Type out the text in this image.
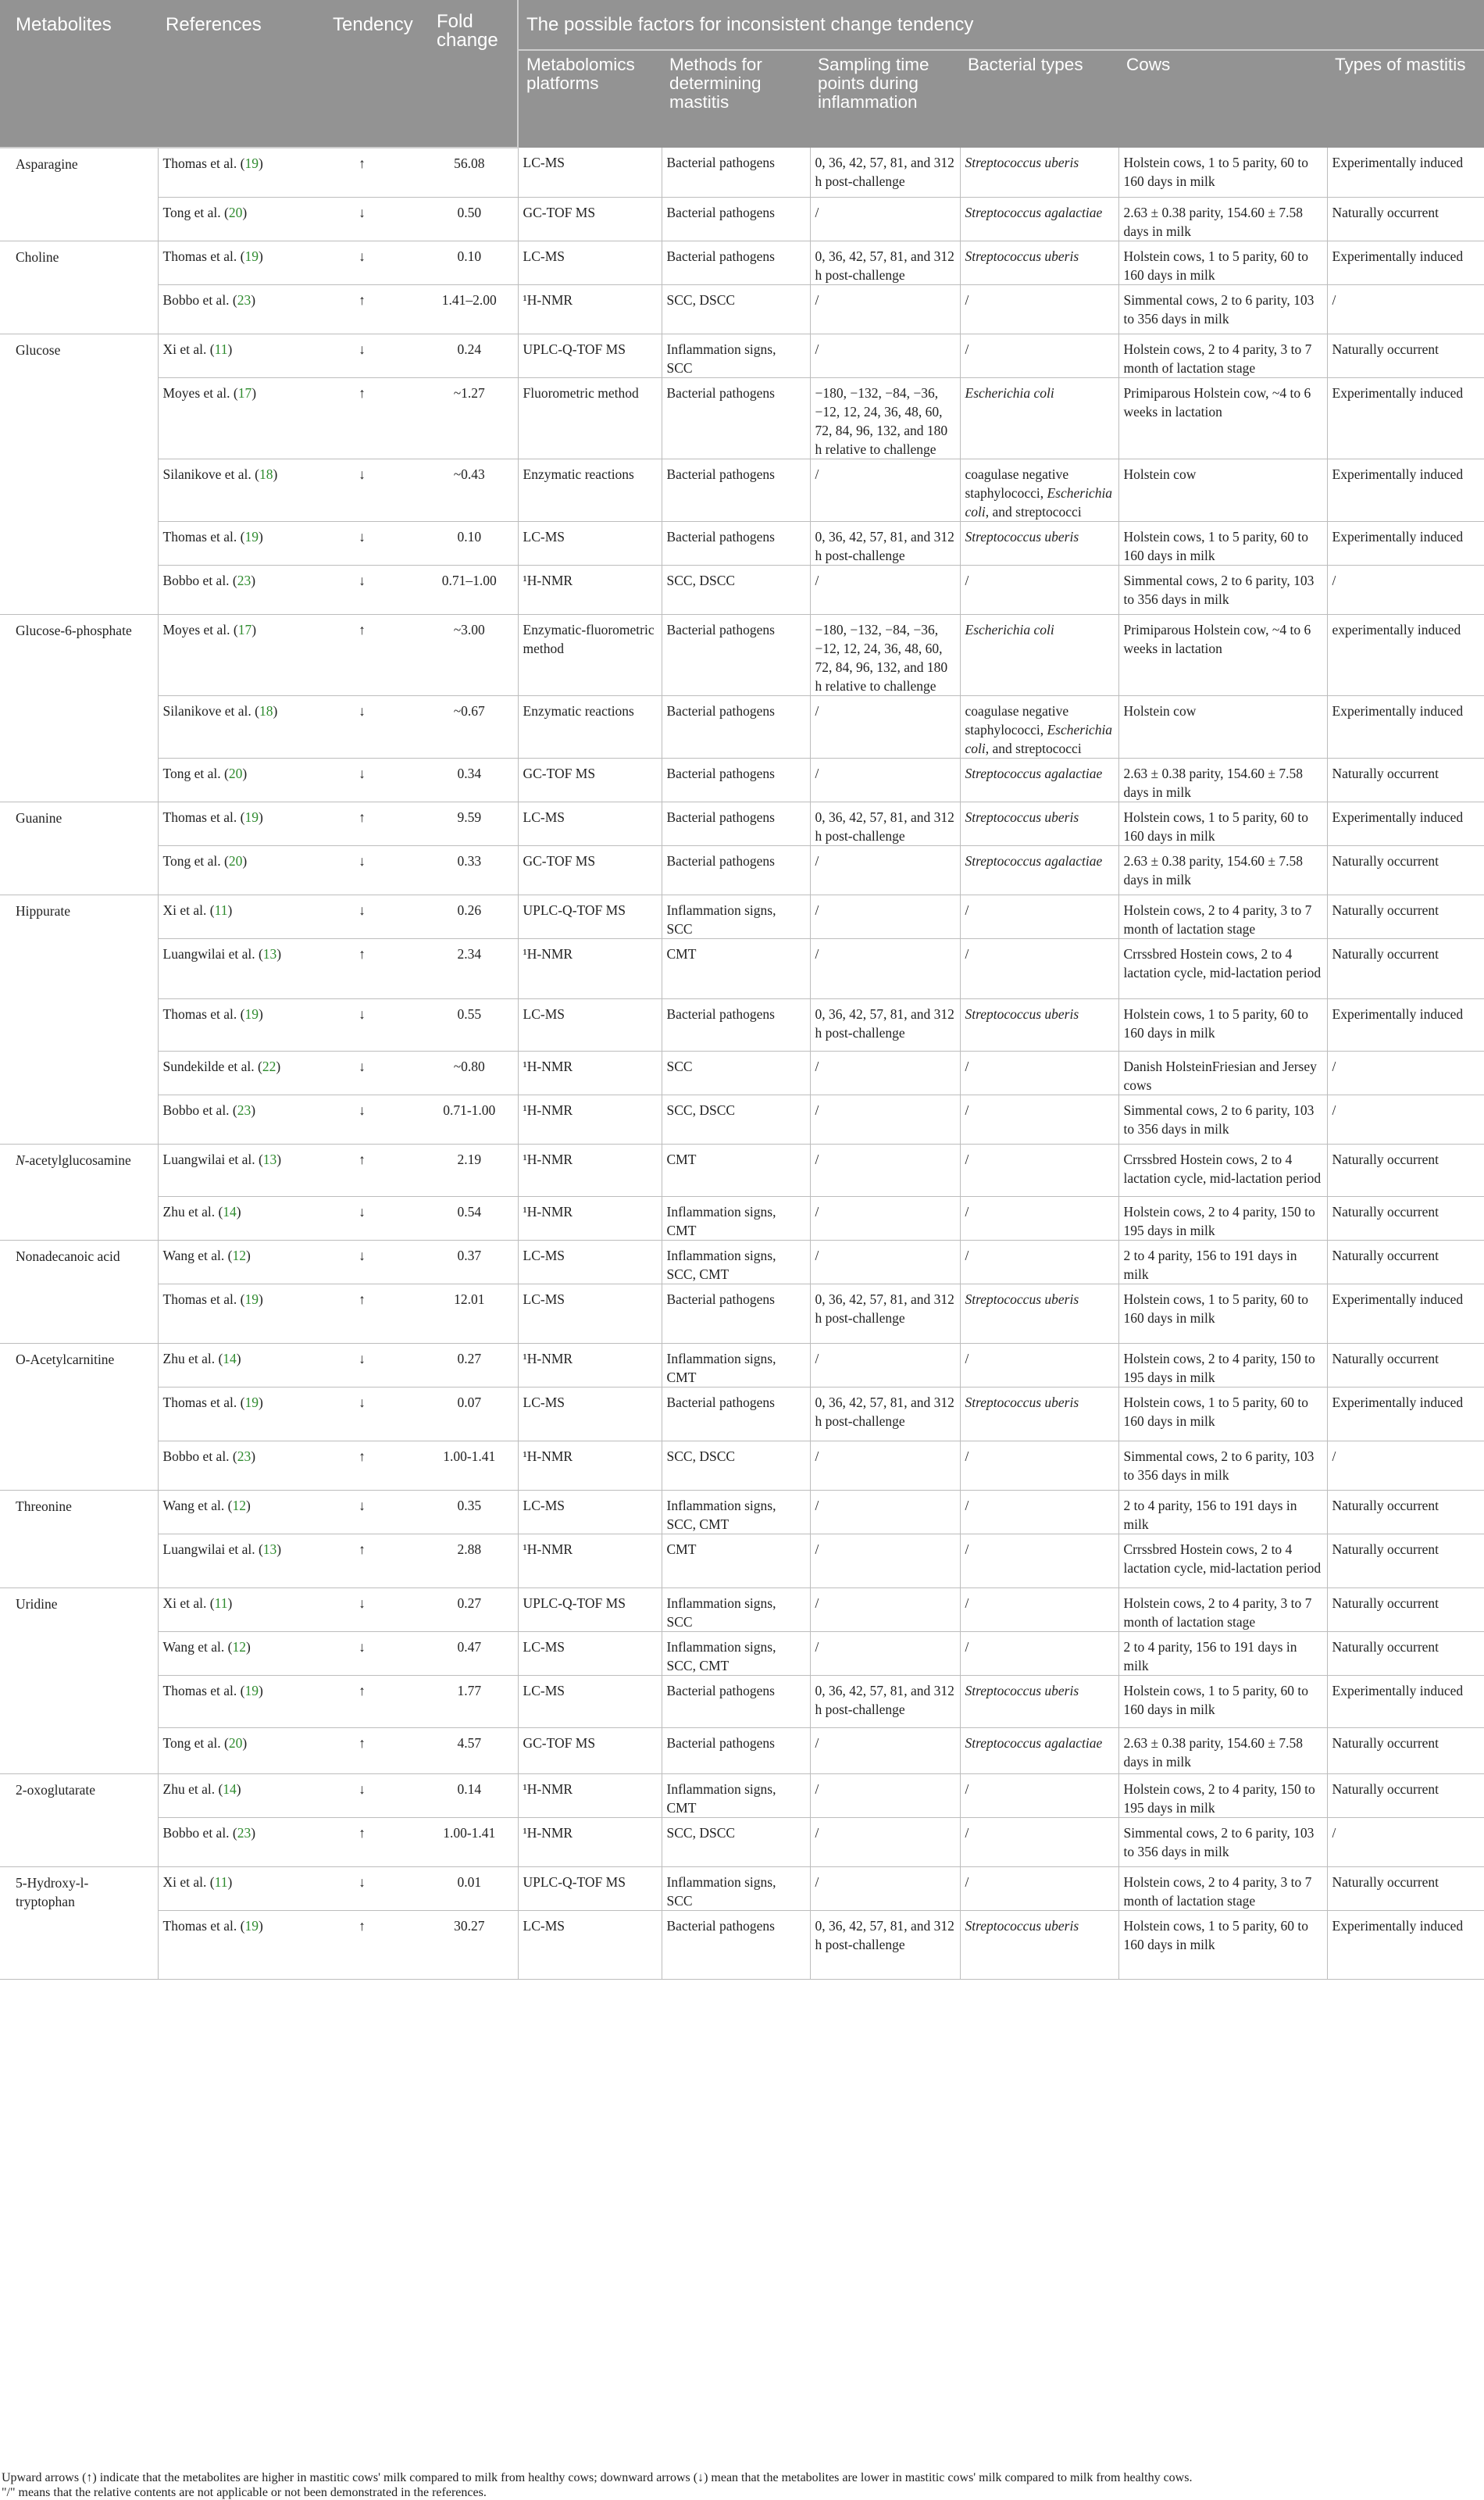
Metabolites	References	Tendency	Fold change	The possible factors for inconsistent change tendency					
				Metabolomics platforms	Methods for determining mastitis	Sampling time points during inflammation	Bacterial types	Cows	Types of mastitis
Asparagine	Thomas et al. (19)	↑	56.08	LC-MS	Bacterial pathogens	0, 36, 42, 57, 81, and 312 h post-challenge	Streptococcus uberis	Holstein cows, 1 to 5 parity, 60 to 160 days in milk	Experimentally induced
	Tong et al. (20)	↓	0.50	GC-TOF MS	Bacterial pathogens	/	Streptococcus agalactiae	2.63 ± 0.38 parity, 154.60 ± 7.58 days in milk	Naturally occurrent
Choline	Thomas et al. (19)	↓	0.10	LC-MS	Bacterial pathogens	0, 36, 42, 57, 81, and 312 h post-challenge	Streptococcus uberis	Holstein cows, 1 to 5 parity, 60 to 160 days in milk	Experimentally induced
	Bobbo et al. (23)	↑	1.41–2.00	¹H-NMR	SCC, DSCC	/	/	Simmental cows, 2 to 6 parity, 103 to 356 days in milk	/
Glucose	Xi et al. (11)	↓	0.24	UPLC-Q-TOF MS	Inflammation signs, SCC	/	/	Holstein cows, 2 to 4 parity, 3 to 7 month of lactation stage	Naturally occurrent
	Moyes et al. (17)	↑	~1.27	Fluorometric method	Bacterial pathogens	−180, −132, −84, −36, −12, 12, 24, 36, 48, 60, 72, 84, 96, 132, and 180 h relative to challenge	Escherichia coli	Primiparous Holstein cow, ~4 to 6 weeks in lactation	Experimentally induced
	Silanikove et al. (18)	↓	~0.43	Enzymatic reactions	Bacterial pathogens	/	coagulase negative staphylococci, Escherichia coli, and streptococci	Holstein cow	Experimentally induced
	Thomas et al. (19)	↓	0.10	LC-MS	Bacterial pathogens	0, 36, 42, 57, 81, and 312 h post-challenge	Streptococcus uberis	Holstein cows, 1 to 5 parity, 60 to 160 days in milk	Experimentally induced
	Bobbo et al. (23)	↓	0.71–1.00	¹H-NMR	SCC, DSCC	/	/	Simmental cows, 2 to 6 parity, 103 to 356 days in milk	/
Glucose-6-phosphate	Moyes et al. (17)	↑	~3.00	Enzymatic-fluorometric method	Bacterial pathogens	−180, −132, −84, −36, −12, 12, 24, 36, 48, 60, 72, 84, 96, 132, and 180 h relative to challenge	Escherichia coli	Primiparous Holstein cow, ~4 to 6 weeks in lactation	experimentally induced
	Silanikove et al. (18)	↓	~0.67	Enzymatic reactions	Bacterial pathogens	/	coagulase negative staphylococci, Escherichia coli, and streptococci	Holstein cow	Experimentally induced
	Tong et al. (20)	↓	0.34	GC-TOF MS	Bacterial pathogens	/	Streptococcus agalactiae	2.63 ± 0.38 parity, 154.60 ± 7.58 days in milk	Naturally occurrent
Guanine	Thomas et al. (19)	↑	9.59	LC-MS	Bacterial pathogens	0, 36, 42, 57, 81, and 312 h post-challenge	Streptococcus uberis	Holstein cows, 1 to 5 parity, 60 to 160 days in milk	Experimentally induced
	Tong et al. (20)	↓	0.33	GC-TOF MS	Bacterial pathogens	/	Streptococcus agalactiae	2.63 ± 0.38 parity, 154.60 ± 7.58 days in milk	Naturally occurrent
Hippurate	Xi et al. (11)	↓	0.26	UPLC-Q-TOF MS	Inflammation signs, SCC	/	/	Holstein cows, 2 to 4 parity, 3 to 7 month of lactation stage	Naturally occurrent
	Luangwilai et al. (13)	↑	2.34	¹H-NMR	CMT	/	/	Crrssbred Hostein cows, 2 to 4 lactation cycle, mid-lactation period	Naturally occurrent
	Thomas et al. (19)	↓	0.55	LC-MS	Bacterial pathogens	0, 36, 42, 57, 81, and 312 h post-challenge	Streptococcus uberis	Holstein cows, 1 to 5 parity, 60 to 160 days in milk	Experimentally induced
	Sundekilde et al. (22)	↓	~0.80	¹H-NMR	SCC	/	/	Danish HolsteinFriesian and Jersey cows	/
	Bobbo et al. (23)	↓	0.71-1.00	¹H-NMR	SCC, DSCC	/	/	Simmental cows, 2 to 6 parity, 103 to 356 days in milk	/
N-acetylglucosamine	Luangwilai et al. (13)	↑	2.19	¹H-NMR	CMT	/	/	Crrssbred Hostein cows, 2 to 4 lactation cycle, mid-lactation period	Naturally occurrent
	Zhu et al. (14)	↓	0.54	¹H-NMR	Inflammation signs, CMT	/	/	Holstein cows, 2 to 4 parity, 150 to 195 days in milk	Naturally occurrent
Nonadecanoic acid	Wang et al. (12)	↓	0.37	LC-MS	Inflammation signs, SCC, CMT	/	/	2 to 4 parity, 156 to 191 days in milk	Naturally occurrent
	Thomas et al. (19)	↑	12.01	LC-MS	Bacterial pathogens	0, 36, 42, 57, 81, and 312 h post-challenge	Streptococcus uberis	Holstein cows, 1 to 5 parity, 60 to 160 days in milk	Experimentally induced
O-Acetylcarnitine	Zhu et al. (14)	↓	0.27	¹H-NMR	Inflammation signs, CMT	/	/	Holstein cows, 2 to 4 parity, 150 to 195 days in milk	Naturally occurrent
	Thomas et al. (19)	↓	0.07	LC-MS	Bacterial pathogens	0, 36, 42, 57, 81, and 312 h post-challenge	Streptococcus uberis	Holstein cows, 1 to 5 parity, 60 to 160 days in milk	Experimentally induced
	Bobbo et al. (23)	↑	1.00-1.41	¹H-NMR	SCC, DSCC	/	/	Simmental cows, 2 to 6 parity, 103 to 356 days in milk	/
Threonine	Wang et al. (12)	↓	0.35	LC-MS	Inflammation signs, SCC, CMT	/	/	2 to 4 parity, 156 to 191 days in milk	Naturally occurrent
	Luangwilai et al. (13)	↑	2.88	¹H-NMR	CMT	/	/	Crrssbred Hostein cows, 2 to 4 lactation cycle, mid-lactation period	Naturally occurrent
Uridine	Xi et al. (11)	↓	0.27	UPLC-Q-TOF MS	Inflammation signs, SCC	/	/	Holstein cows, 2 to 4 parity, 3 to 7 month of lactation stage	Naturally occurrent
	Wang et al. (12)	↓	0.47	LC-MS	Inflammation signs, SCC, CMT	/	/	2 to 4 parity, 156 to 191 days in milk	Naturally occurrent
	Thomas et al. (19)	↑	1.77	LC-MS	Bacterial pathogens	0, 36, 42, 57, 81, and 312 h post-challenge	Streptococcus uberis	Holstein cows, 1 to 5 parity, 60 to 160 days in milk	Experimentally induced
	Tong et al. (20)	↑	4.57	GC-TOF MS	Bacterial pathogens	/	Streptococcus agalactiae	2.63 ± 0.38 parity, 154.60 ± 7.58 days in milk	Naturally occurrent
2-oxoglutarate	Zhu et al. (14)	↓	0.14	¹H-NMR	Inflammation signs, CMT	/	/	Holstein cows, 2 to 4 parity, 150 to 195 days in milk	Naturally occurrent
	Bobbo et al. (23)	↑	1.00-1.41	¹H-NMR	SCC, DSCC	/	/	Simmental cows, 2 to 6 parity, 103 to 356 days in milk	/
5-Hydroxy-l-tryptophan	Xi et al. (11)	↓	0.01	UPLC-Q-TOF MS	Inflammation signs, SCC	/	/	Holstein cows, 2 to 4 parity, 3 to 7 month of lactation stage	Naturally occurrent
	Thomas et al. (19)	↑	30.27	LC-MS	Bacterial pathogens	0, 36, 42, 57, 81, and 312 h post-challenge	Streptococcus uberis	Holstein cows, 1 to 5 parity, 60 to 160 days in milk	Experimentally induced
Upward arrows (↑) indicate that the metabolites are higher in mastitic cows' milk compared to milk from healthy cows; downward arrows (↓) mean that the metabolites are lower in mastitic cows' milk compared to milk from healthy cows.
"/" means that the relative contents are not applicable or not been demonstrated in the references.
